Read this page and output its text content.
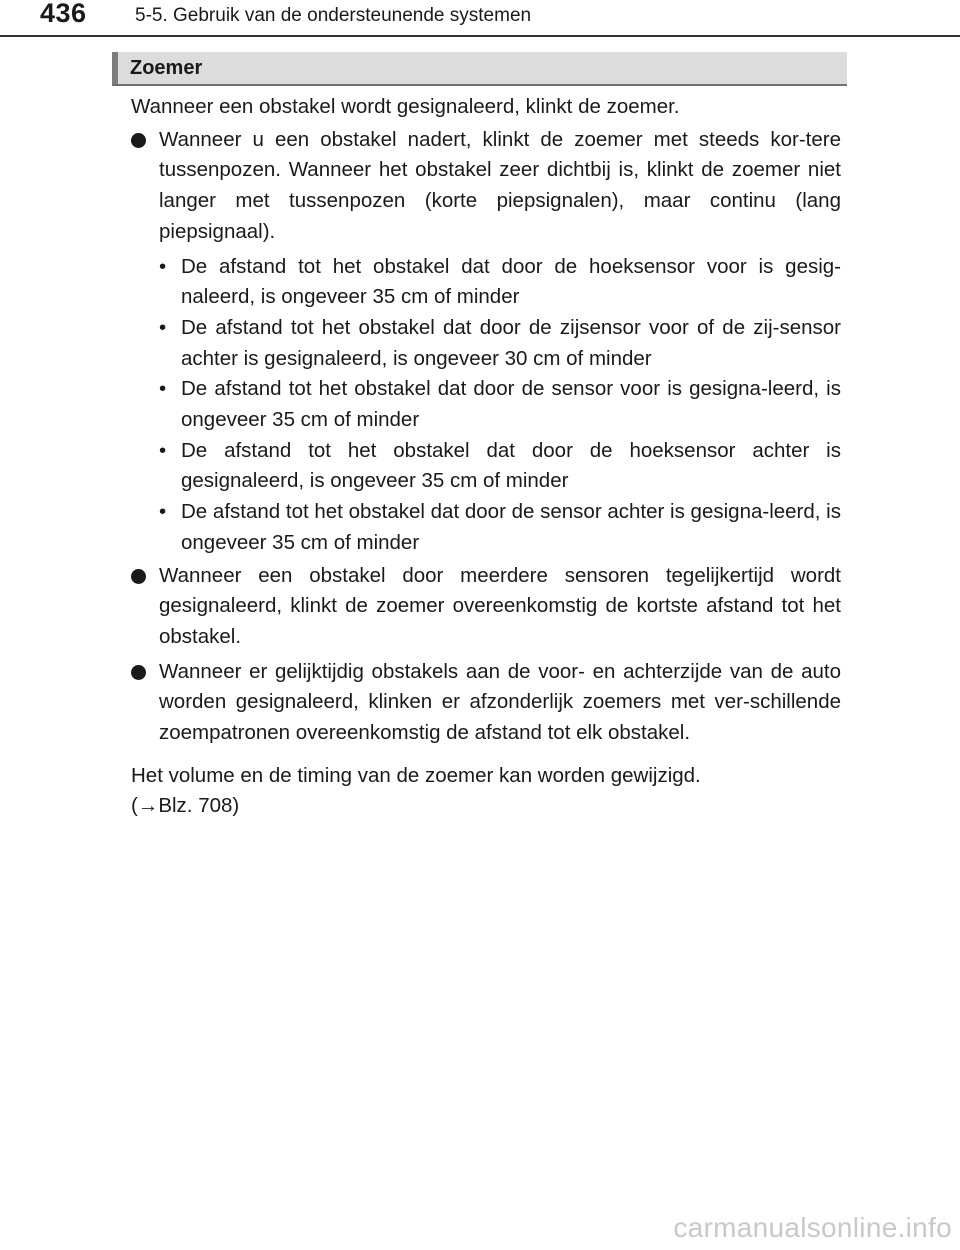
436	5-5. Gebruik van de ondersteunende systemen
Zoemer

Wanneer een obstakel wordt gesignaleerd, klinkt de zoemer.

Wanneer u een obstakel nadert, klinkt de zoemer met steeds kor-tere tussenpozen. Wanneer het obstakel zeer dichtbij is, klinkt de zoemer niet langer met tussenpozen (korte piepsignalen), maar continu (lang piepsignaal).
• De afstand tot het obstakel dat door de hoeksensor voor is gesig-naleerd, is ongeveer 35 cm of minder
• De afstand tot het obstakel dat door de zijsensor voor of de zij-sensor achter is gesignaleerd, is ongeveer 30 cm of minder
• De afstand tot het obstakel dat door de sensor voor is gesigna-leerd, is ongeveer 35 cm of minder
• De afstand tot het obstakel dat door de hoeksensor achter is gesignaleerd, is ongeveer 35 cm of minder
• De afstand tot het obstakel dat door de sensor achter is gesigna-leerd, is ongeveer 35 cm of minder
Wanneer een obstakel door meerdere sensoren tegelijkertijd wordt gesignaleerd, klinkt de zoemer overeenkomstig de kortste afstand tot het obstakel.
Wanneer er gelijktijdig obstakels aan de voor- en achterzijde van de auto worden gesignaleerd, klinken er afzonderlijk zoemers met ver-schillende zoempatronen overeenkomstig de afstand tot elk obstakel.

Het volume en de timing van de zoemer kan worden gewijzigd.
(→Blz. 708)

carmanualsonline.info
